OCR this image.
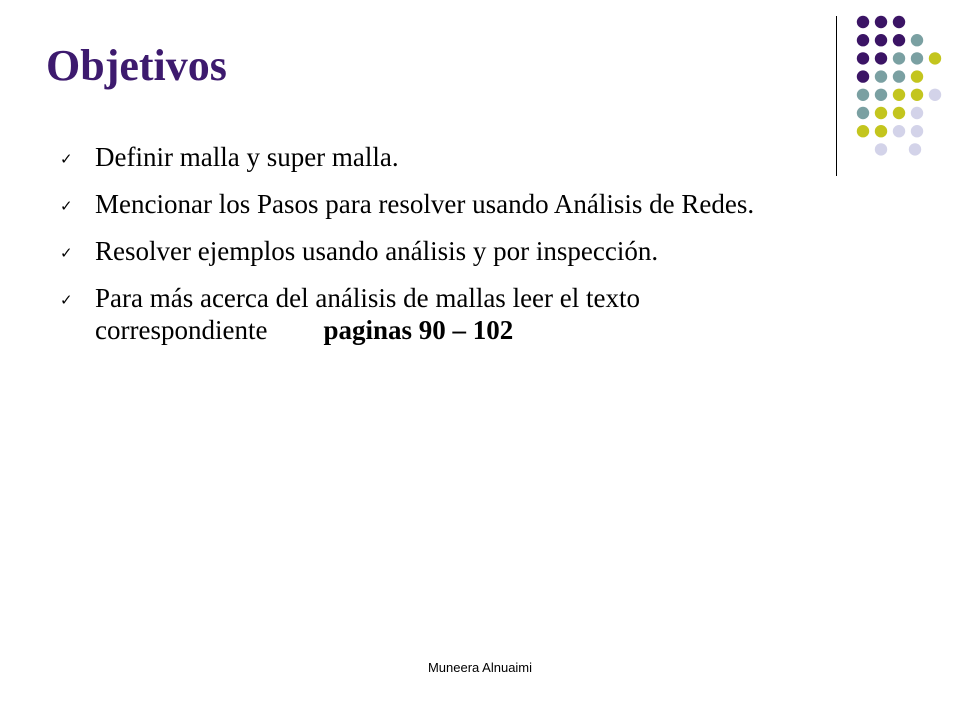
Objetivos
✓ Definir malla y super malla.
✓ Mencionar los Pasos para resolver usando Análisis de Redes.
✓ Resolver ejemplos usando análisis y por inspección.
✓ Para más acerca del análisis de mallas leer el texto
correspondiente paginas 90 – 102
Muneera Alnuaimi
